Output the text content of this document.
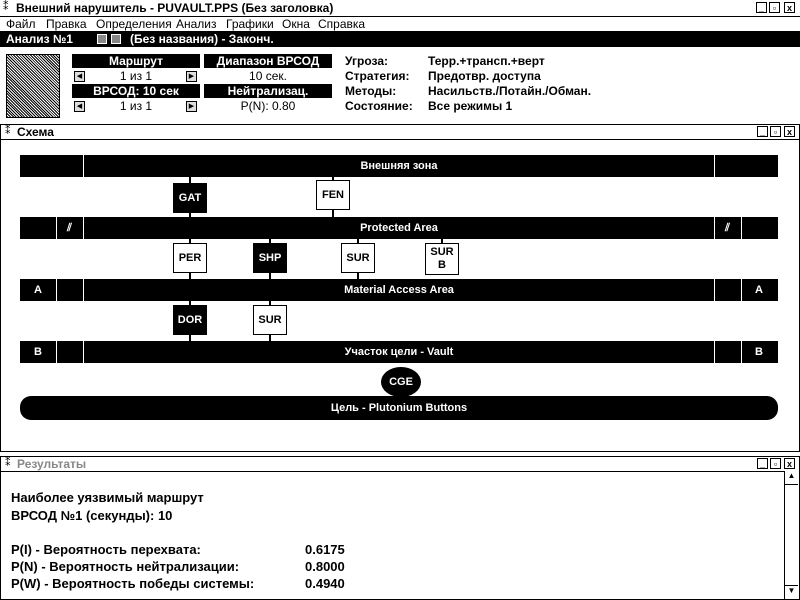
⁑ Внешний нарушитель - PUVAULT.PPS (Без заголовка)	_ ▫	x
Файл Правка Определения Анализ Графики Окна Справка
Анализ №1	(Без названия) - Законч.
Маршрут
◀	1 из 1	▶
ВРСОД: 10 сек
◀	1 из 1	▶
Диапазон ВРСОД
10 сек.
Нейтрализац.
P(N): 0.80
Угроза:	Терр.+трансп.+верт
Стратегия: Предотвр. доступа
Методы:	Насильств./Потайн./Обман.
Состояние: Все режимы 1
⁑ Схема	_ ▫	x
Внешняя зона
GAT	FEN
⫽	Protected Area	⫽
PER	SHP	SUR	SUR
B
A	Material Access Area	A
DOR	SUR
B	Участок цели - Vault	B
CGE
Цель - Plutonium Buttons
⁑ Результаты	_ ▫	x
▲
▼
Наиболее уязвимый маршрут
ВРСОД №1 (секунды): 10
P(I) - Вероятность перехвата:	0.6175
P(N) - Вероятность нейтрализации:	0.8000
P(W) - Вероятность победы системы:	0.4940
